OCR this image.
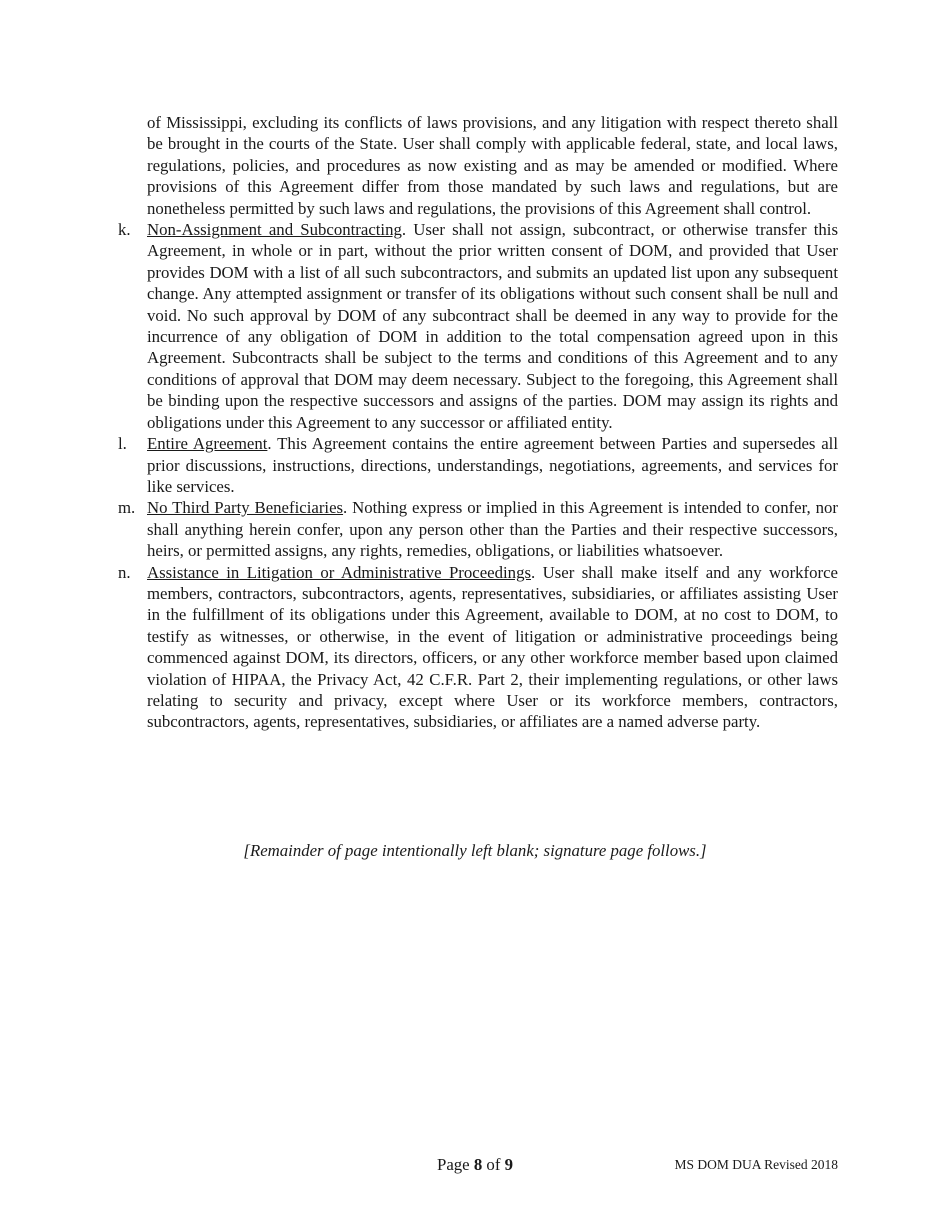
of Mississippi, excluding its conflicts of laws provisions, and any litigation with respect thereto shall be brought in the courts of the State. User shall comply with applicable federal, state, and local laws, regulations, policies, and procedures as now existing and as may be amended or modified. Where provisions of this Agreement differ from those mandated by such laws and regulations, but are nonetheless permitted by such laws and regulations, the provisions of this Agreement shall control.

k. Non-Assignment and Subcontracting. User shall not assign, subcontract, or otherwise transfer this Agreement, in whole or in part, without the prior written consent of DOM, and provided that User provides DOM with a list of all such subcontractors, and submits an updated list upon any subsequent change. Any attempted assignment or transfer of its obligations without such consent shall be null and void. No such approval by DOM of any subcontract shall be deemed in any way to provide for the incurrence of any obligation of DOM in addition to the total compensation agreed upon in this Agreement. Subcontracts shall be subject to the terms and conditions of this Agreement and to any conditions of approval that DOM may deem necessary. Subject to the foregoing, this Agreement shall be binding upon the respective successors and assigns of the parties. DOM may assign its rights and obligations under this Agreement to any successor or affiliated entity.
l. Entire Agreement. This Agreement contains the entire agreement between Parties and supersedes all prior discussions, instructions, directions, understandings, negotiations, agreements, and services for like services.
m. No Third Party Beneficiaries. Nothing express or implied in this Agreement is intended to confer, nor shall anything herein confer, upon any person other than the Parties and their respective successors, heirs, or permitted assigns, any rights, remedies, obligations, or liabilities whatsoever.
n. Assistance in Litigation or Administrative Proceedings. User shall make itself and any workforce members, contractors, subcontractors, agents, representatives, subsidiaries, or affiliates assisting User in the fulfillment of its obligations under this Agreement, available to DOM, at no cost to DOM, to testify as witnesses, or otherwise, in the event of litigation or administrative proceedings being commenced against DOM, its directors, officers, or any other workforce member based upon claimed violation of HIPAA, the Privacy Act, 42 C.F.R. Part 2, their implementing regulations, or other laws relating to security and privacy, except where User or its workforce members, contractors, subcontractors, agents, representatives, subsidiaries, or affiliates are a named adverse party.
[Remainder of page intentionally left blank; signature page follows.]
Page 8 of 9	MS DOM DUA Revised 2018
